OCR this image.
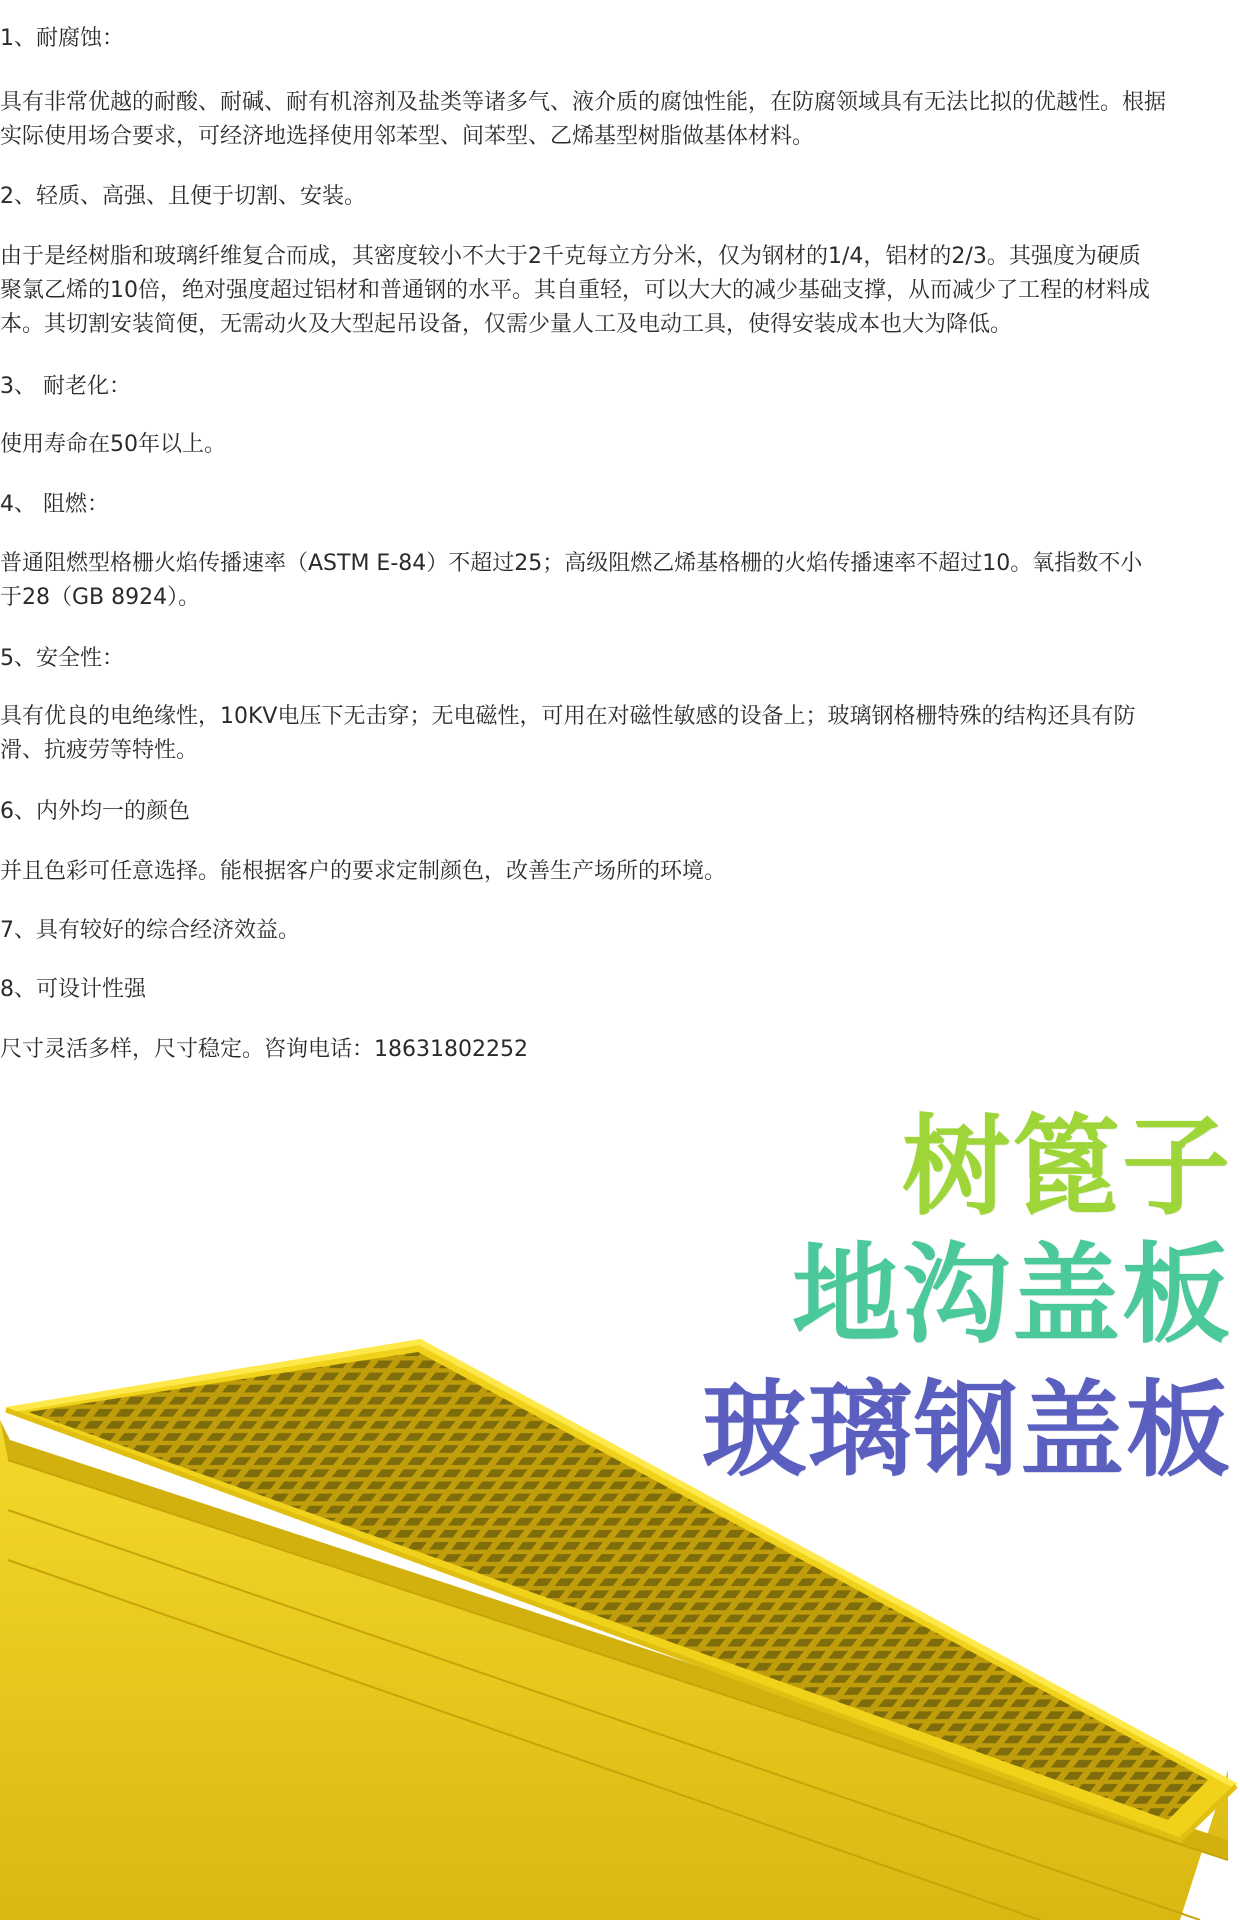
1、耐腐蚀：
具有非常优越的耐酸、耐碱、耐有机溶剂及盐类等诸多气、液介质的腐蚀性能，在防腐领域具有无法比拟的优越性。根据
实际使用场合要求，可经济地选择使用邻苯型、间苯型、乙烯基型树脂做基体材料。
2、轻质、高强、且便于切割、安装。
由于是经树脂和玻璃纤维复合而成，其密度较小不大于2千克每立方分米，仅为钢材的1/4，铝材的2/3。其强度为硬质
聚氯乙烯的10倍，绝对强度超过铝材和普通钢的水平。其自重轻，可以大大的减少基础支撑，从而减少了工程的材料成
本。其切割安装简便，无需动火及大型起吊设备，仅需少量人工及电动工具，使得安装成本也大为降低。
3、 耐老化：
使用寿命在50年以上。
4、 阻燃：
普通阻燃型格栅火焰传播速率（ASTM E-84）不超过25；高级阻燃乙烯基格栅的火焰传播速率不超过10。氧指数不小
于28（GB 8924）。
5、安全性：
具有优良的电绝缘性，10KV电压下无击穿；无电磁性，可用在对磁性敏感的设备上；玻璃钢格栅特殊的结构还具有防
滑、抗疲劳等特性。
6、内外均一的颜色
并且色彩可任意选择。能根据客户的要求定制颜色，改善生产场所的环境。
7、具有较好的综合经济效益。
8、可设计性强
尺寸灵活多样，尺寸稳定。咨询电话：18631802252
树篦子
地沟盖板
玻璃钢盖板
